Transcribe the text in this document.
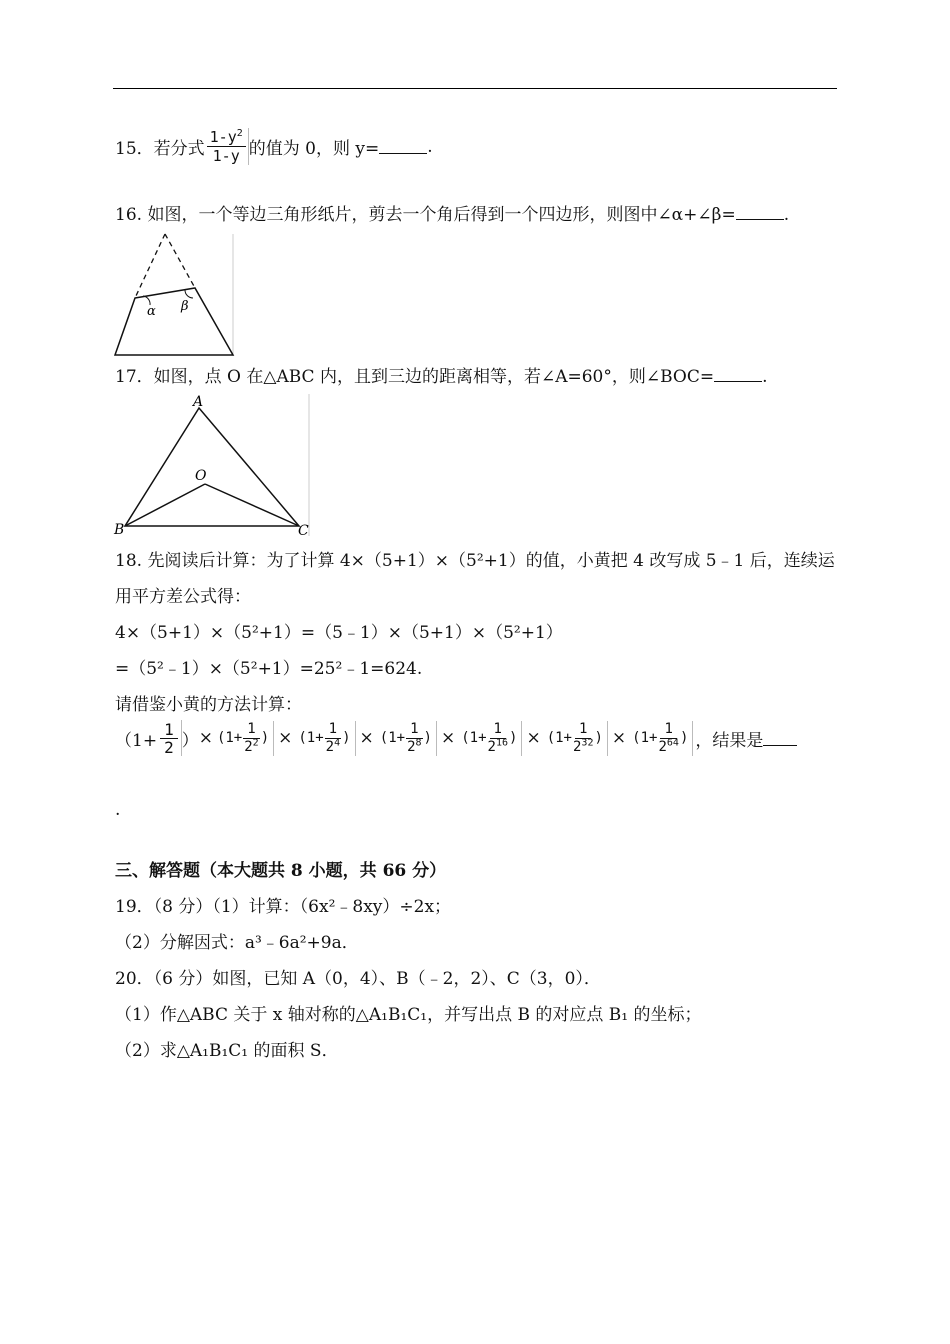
15．若分式 $\frac{1-y^2}{1-y}$ 的值为 0，则 y=	.
16. 如图，一个等边三角形纸片，剪去一个角后得到一个四边形，则图中∠α+∠β=	.
α β
17．如图，点 O 在△ABC 内，且到三边的距离相等，若∠A=60°，则∠BOC=	.
A
B	C
O
18. 先阅读后计算：为了计算 4×（5+1）×（5²+1）的值，小黄把 4 改写成 5﹣1 后，连续运
用平方差公式得：
4×（5+1）×（5²+1）=（5﹣1）×（5+1）×（5²+1）
=（5²﹣1）×（5²+1）=25²﹣1=624.
请借鉴小黄的方法计算：
（$1+ \frac{1}{2}$ ） × ($1+ \frac{1}{2^2}$ ) × ($1+ \frac{1}{2^4}$ ) × ($1+ \frac{1}{2^8}$ ) × ($1+ \frac{1}{2^{16}}$ ) × ($1+ \frac{1}{2^{32}}$ ) × ($1+ \frac{1}{2^{64}}$ ) ，结果是
.
三、解答题（本大题共 8 小题，共 66 分）
19．（8 分）（1）计算：（6x²﹣8xy）÷2x；
（2）分解因式：a³﹣6a²+9a．
20．（6 分）如图，已知 A（0，4）、B（﹣2，2）、C（3，0）．
（1）作△ABC 关于 x 轴对称的△A₁B₁C₁，并写出点 B 的对应点 B₁ 的坐标；
（2）求△A₁B₁C₁ 的面积 S．
